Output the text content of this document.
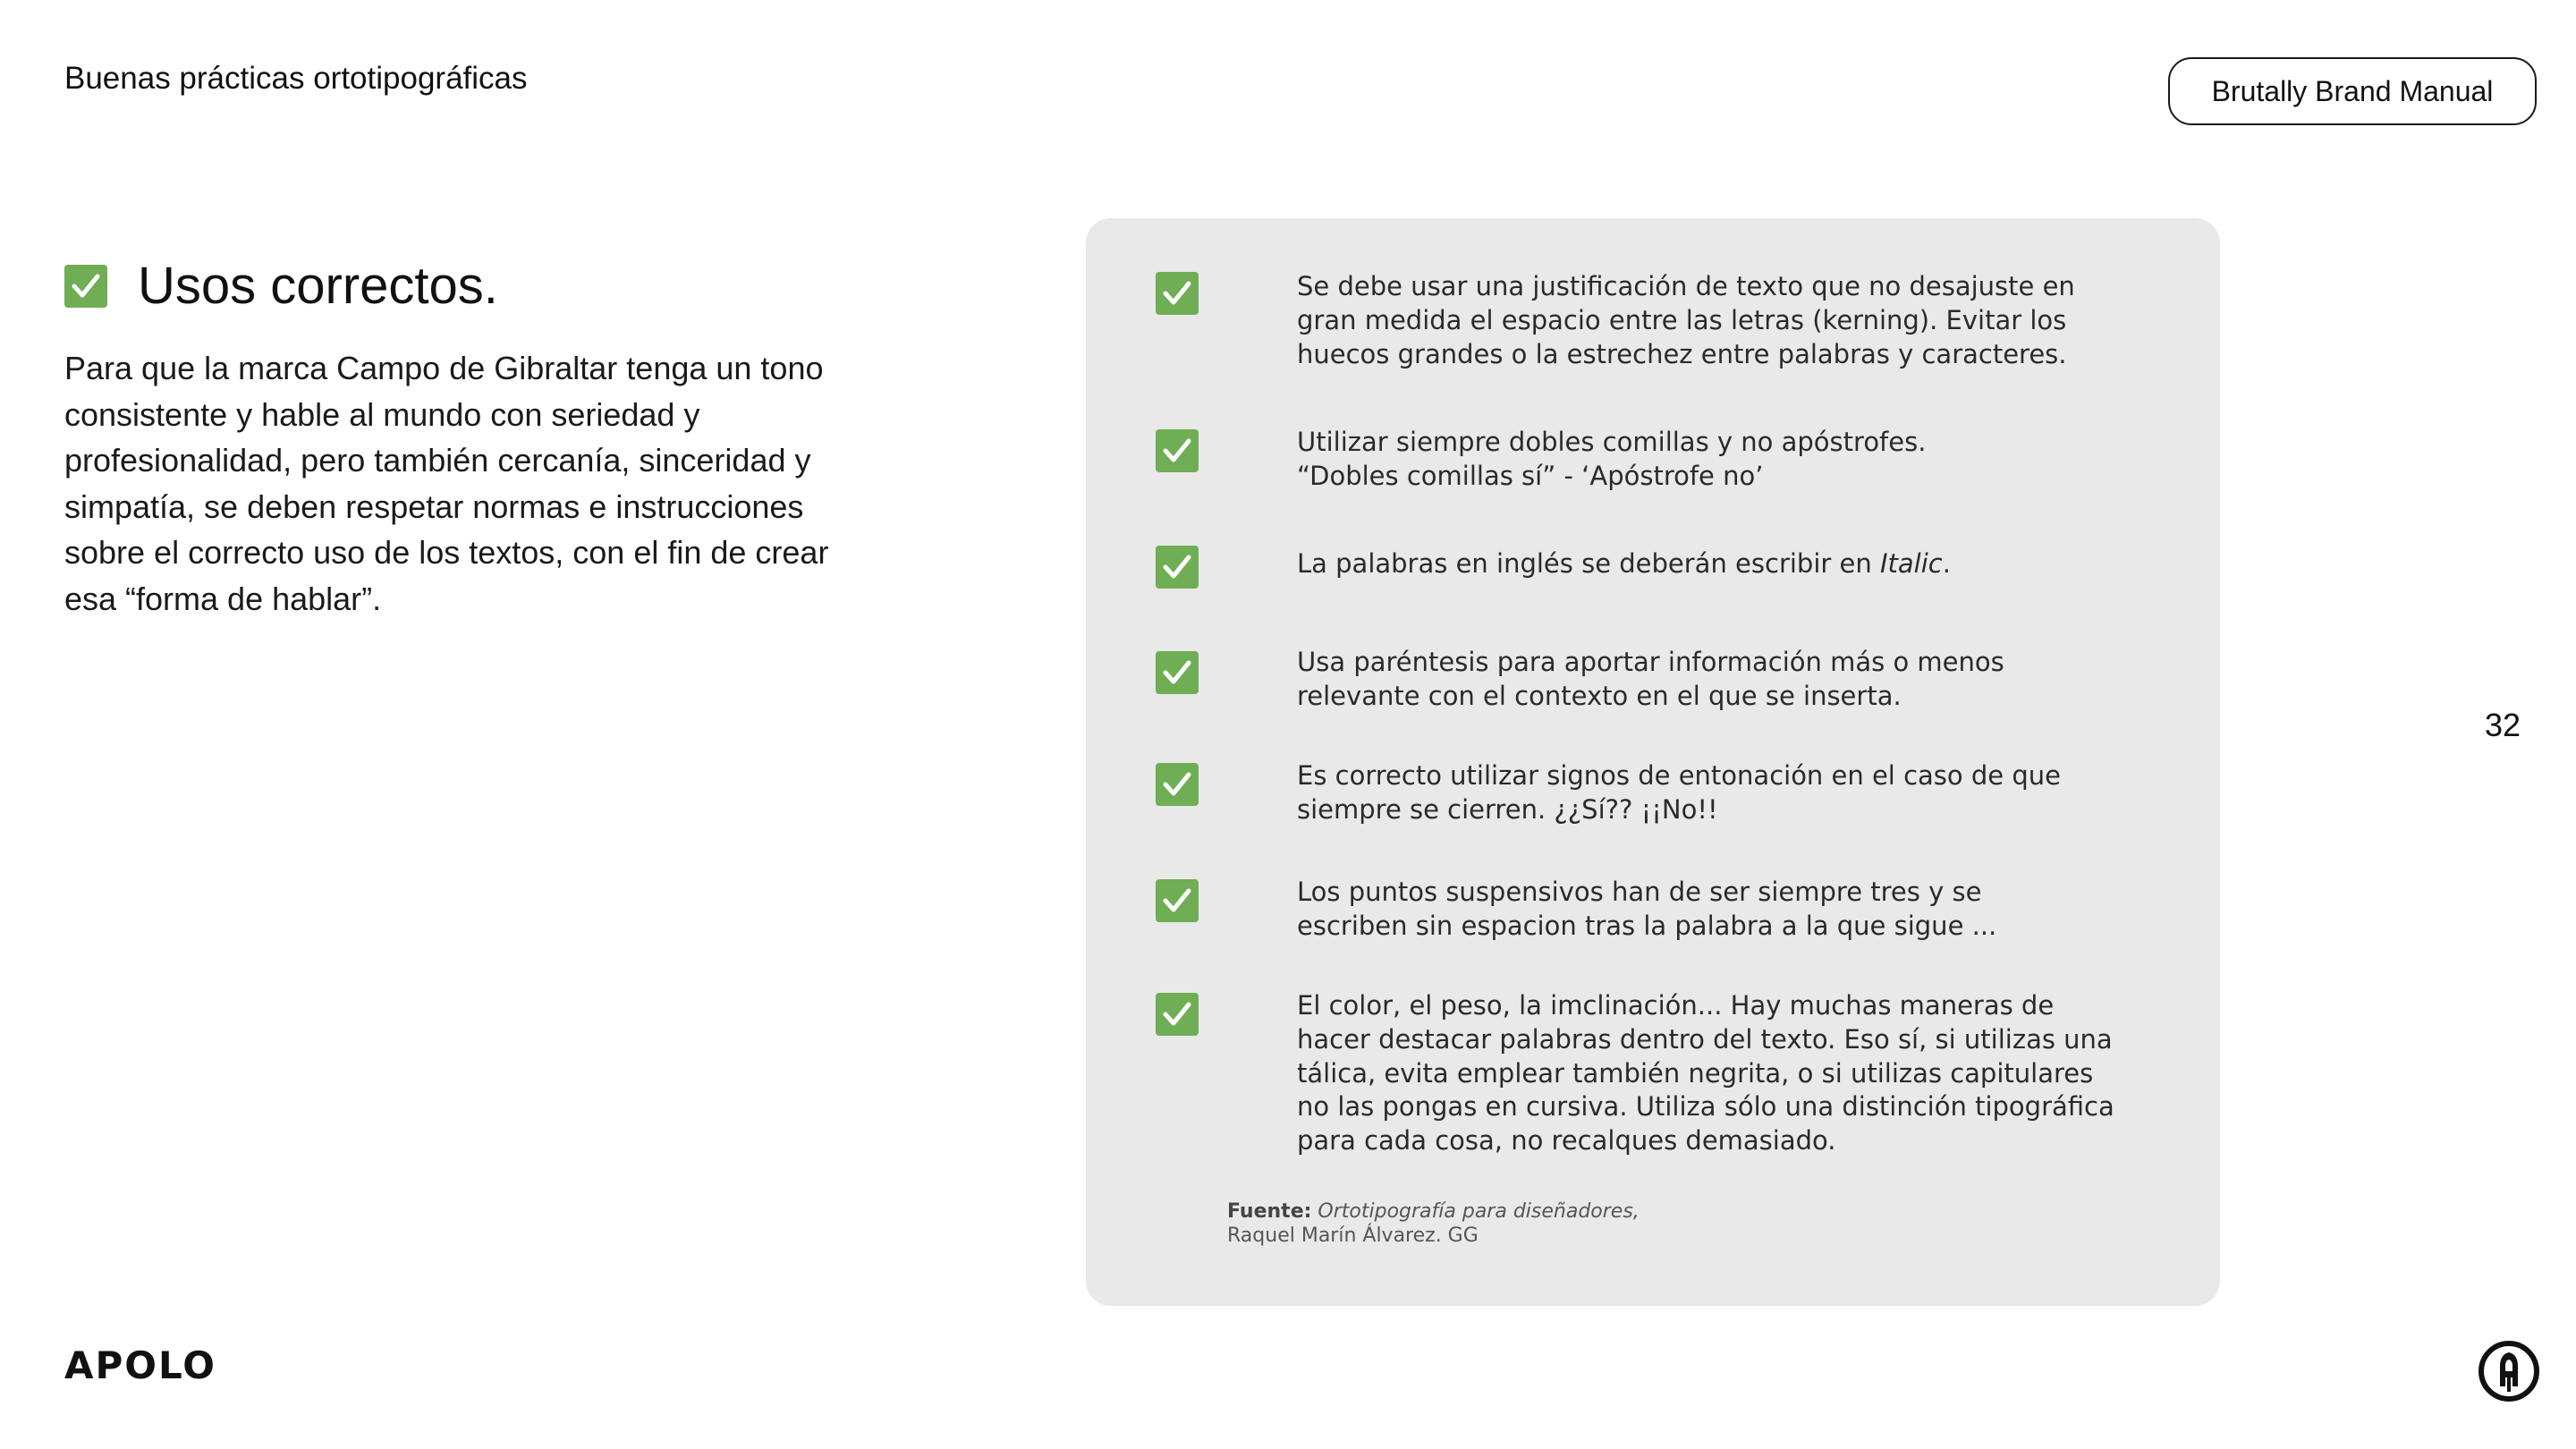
Buenas prácticas ortotipográficas	Brutally Brand Manual
32
Usos correctos.
Para que la marca Campo de Gibraltar tenga un tono consistente y hable al mundo con seriedad y profesionalidad, pero también cercanía, sinceridad y simpatía, se deben respetar normas e instrucciones sobre el correcto uso de los textos, con el fin de crear esa “forma de hablar”.
Se debe usar una justificación de texto que no desajuste en
gran medida el espacio entre las letras (kerning). Evitar los
huecos grandes o la estrechez entre palabras y caracteres.
Utilizar siempre dobles comillas y no apóstrofes.
“Dobles comillas sí” - ‘Apóstrofe no’
La palabras en inglés se deberán escribir en Italic.
Usa paréntesis para aportar información más o menos
relevante con el contexto en el que se inserta.
Es correcto utilizar signos de entonación en el caso de que
siempre se cierren. ¿¿Sí?? ¡¡No!!
Los puntos suspensivos han de ser siempre tres y se
escriben sin espacion tras la palabra a la que sigue ...
El color, el peso, la imclinación... Hay muchas maneras de
hacer destacar palabras dentro del texto. Eso sí, si utilizas una
tálica, evita emplear también negrita, o si utilizas capitulares
no las pongas en cursiva. Utiliza sólo una distinción tipográfica
para cada cosa, no recalques demasiado.
Fuente: Ortotipografía para diseñadores,
Raquel Marín Álvarez. GG
APOLO
